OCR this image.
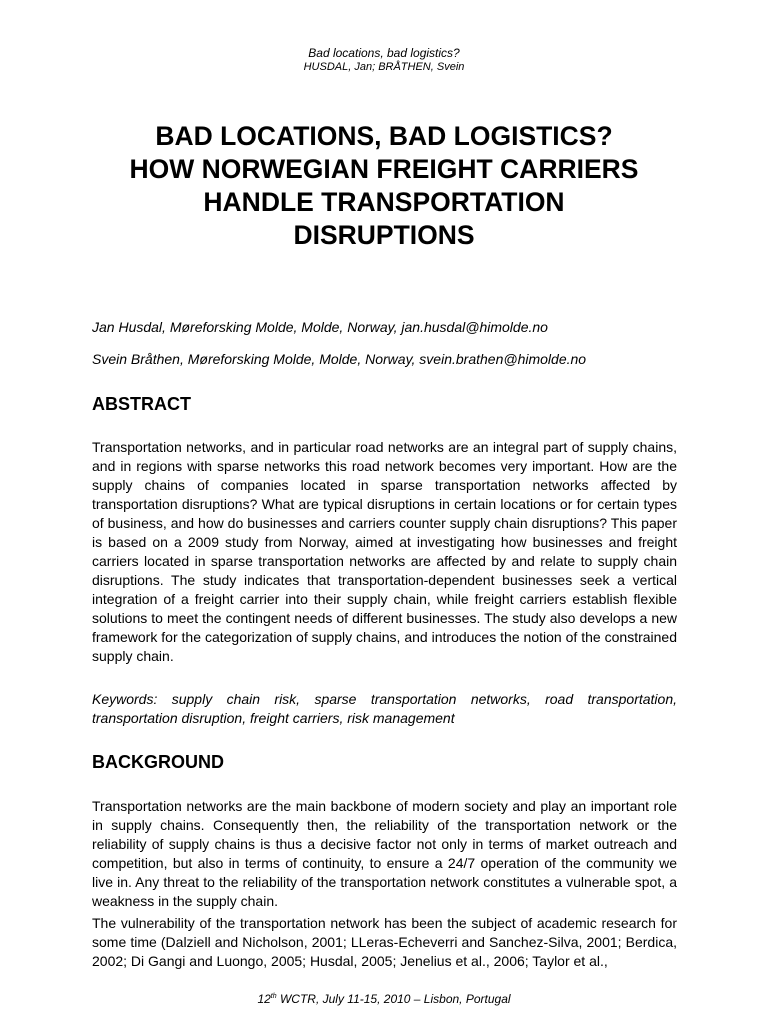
Bad locations, bad logistics?
HUSDAL, Jan; BRÅTHEN, Svein
BAD LOCATIONS, BAD LOGISTICS?
HOW NORWEGIAN FREIGHT CARRIERS
HANDLE TRANSPORTATION
DISRUPTIONS
Jan Husdal, Møreforsking Molde, Molde, Norway, jan.husdal@himolde.no
Svein Bråthen, Møreforsking Molde, Molde, Norway, svein.brathen@himolde.no
ABSTRACT

Transportation networks, and in particular road networks are an integral part of supply chains, and in regions with sparse networks this road network becomes very important. How are the supply chains of companies located in sparse transportation networks affected by transportation disruptions? What are typical disruptions in certain locations or for certain types of business, and how do businesses and carriers counter supply chain disruptions? This paper is based on a 2009 study from Norway, aimed at investigating how businesses and freight carriers located in sparse transportation networks are affected by and relate to supply chain disruptions. The study indicates that transportation-dependent businesses seek a vertical integration of a freight carrier into their supply chain, while freight carriers establish flexible solutions to meet the contingent needs of different businesses. The study also develops a new framework for the categorization of supply chains, and introduces the notion of the constrained supply chain.

Keywords: supply chain risk, sparse transportation networks, road transportation, transportation disruption, freight carriers, risk management

BACKGROUND

Transportation networks are the main backbone of modern society and play an important role in supply chains. Consequently then, the reliability of the transportation network or the reliability of supply chains is thus a decisive factor not only in terms of market outreach and competition, but also in terms of continuity, to ensure a 24/7 operation of the community we live in. Any threat to the reliability of the transportation network constitutes a vulnerable spot, a weakness in the supply chain.

The vulnerability of the transportation network has been the subject of academic research for some time (Dalziell and Nicholson, 2001; LLeras-Echeverri and Sanchez-Silva, 2001; Berdica, 2002; Di Gangi and Luongo, 2005; Husdal, 2005; Jenelius et al., 2006; Taylor et al.,

12th WCTR, July 11-15, 2010 – Lisbon, Portugal
